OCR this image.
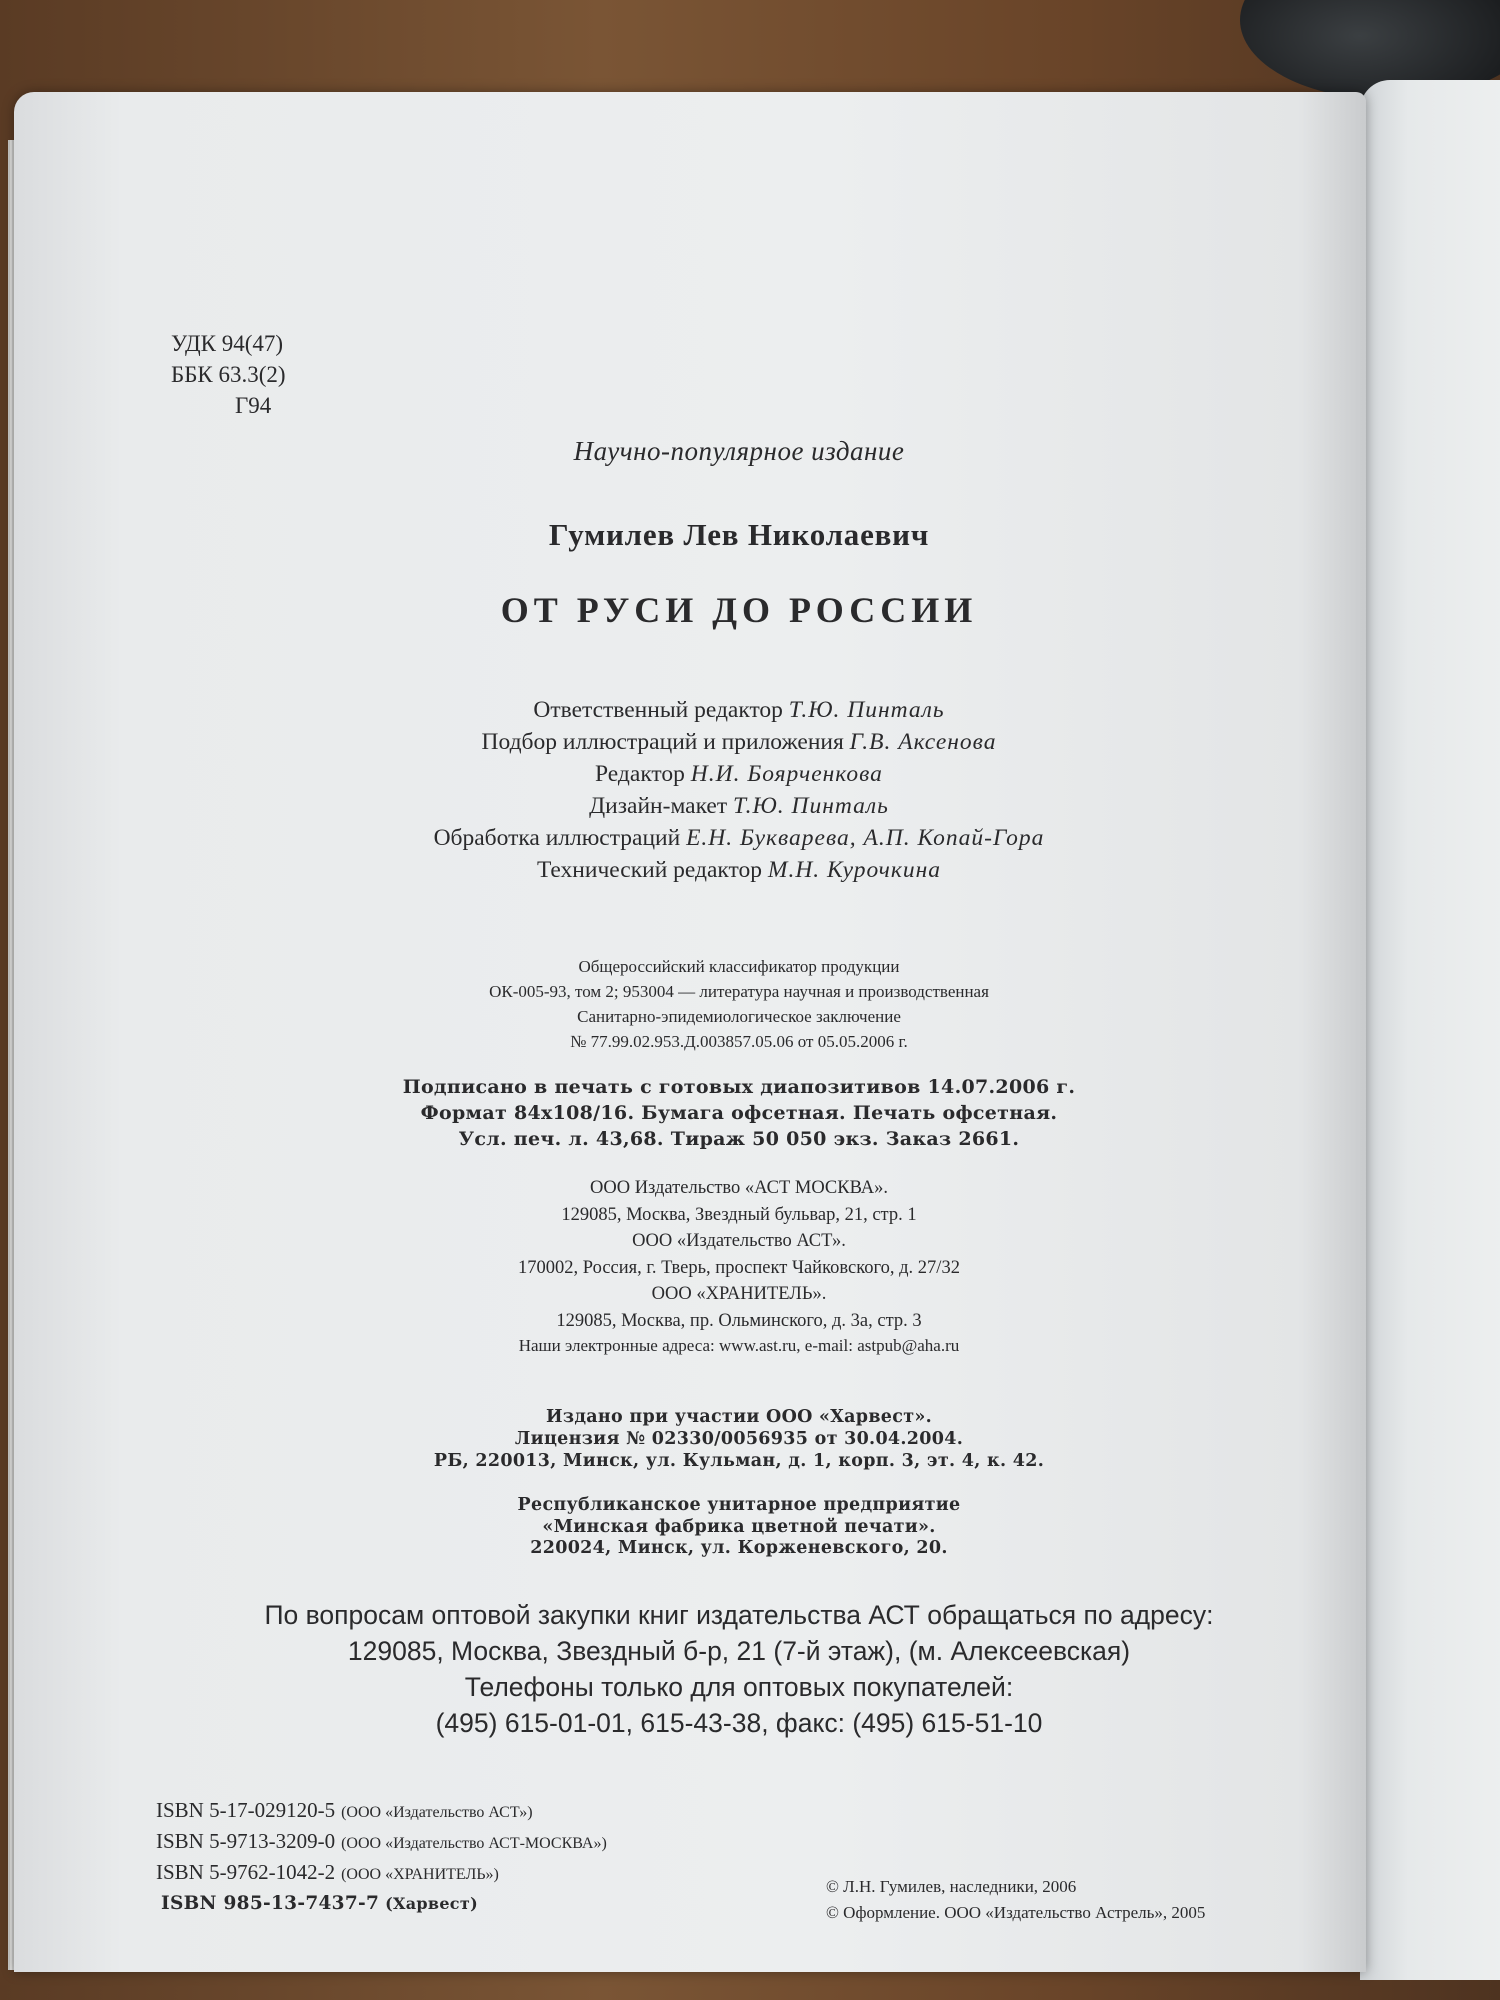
УДК 94(47)
ББК 63.3(2)
Г94
Научно-популярное издание
Гумилев Лев Николаевич
ОТ РУСИ ДО РОССИИ
Ответственный редактор Т.Ю. Пинталь
Подбор иллюстраций и приложения Г.В. Аксенова
Редактор Н.И. Боярченкова
Дизайн-макет Т.Ю. Пинталь
Обработка иллюстраций Е.Н. Букварева, А.П. Копай-Гора
Технический редактор М.Н. Курочкина
Общероссийский классификатор продукции
ОК-005-93, том 2; 953004 — литература научная и производственная
Санитарно-эпидемиологическое заключение
№ 77.99.02.953.Д.003857.05.06 от 05.05.2006 г.
Подписано в печать с готовых диапозитивов 14.07.2006 г.
Формат 84x108/16. Бумага офсетная. Печать офсетная.
Усл. печ. л. 43,68. Тираж 50 050 экз. Заказ 2661.
ООО Издательство «АСТ МОСКВА».
129085, Москва, Звездный бульвар, 21, стр. 1
ООО «Издательство АСТ».
170002, Россия, г. Тверь, проспект Чайковского, д. 27/32
ООО «ХРАНИТЕЛЬ».
129085, Москва, пр. Ольминского, д. 3а, стр. 3
Наши электронные адреса: www.ast.ru, e-mail: astpub@aha.ru
Издано при участии ООО «Харвест».
Лицензия № 02330/0056935 от 30.04.2004.
РБ, 220013, Минск, ул. Кульман, д. 1, корп. 3, эт. 4, к. 42.
Республиканское унитарное предприятие
«Минская фабрика цветной печати».
220024, Минск, ул. Корженевского, 20.
По вопросам оптовой закупки книг издательства АСТ обращаться по адресу:
129085, Москва, Звездный б-р, 21 (7-й этаж), (м. Алексеевская)
Телефоны только для оптовых покупателей:
(495) 615-01-01, 615-43-38, факс: (495) 615-51-10
ISBN 5-17-029120-5 (ООО «Издательство АСТ»)
ISBN 5-9713-3209-0 (ООО «Издательство АСТ-МОСКВА»)
ISBN 5-9762-1042-2 (ООО «ХРАНИТЕЛЬ»)
ISBN 985-13-7437-7 (Харвест)
© Л.Н. Гумилев, наследники, 2006
© Оформление. ООО «Издательство Астрель», 2005
